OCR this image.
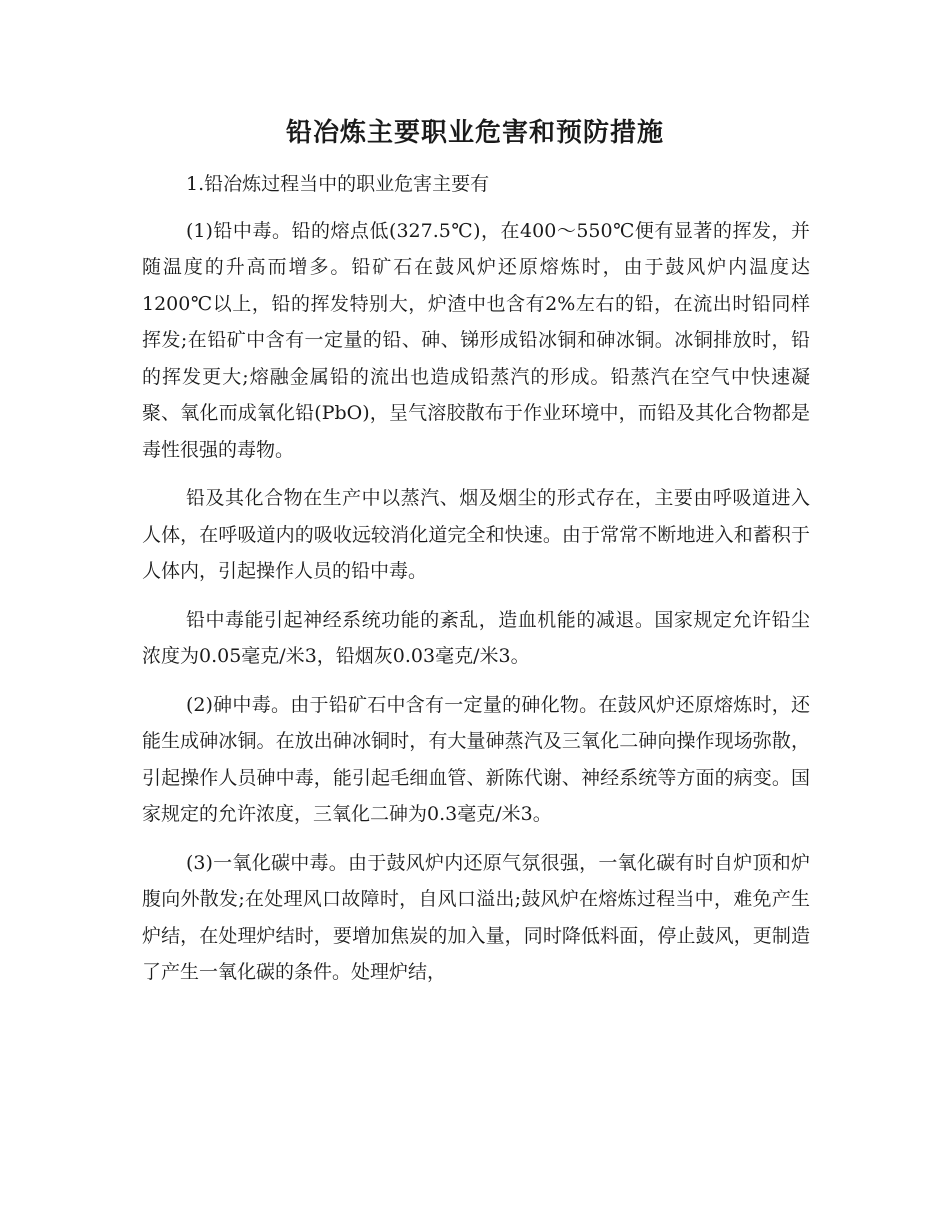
铅冶炼主要职业危害和预防措施

1.铅冶炼过程当中的职业危害主要有

(1)铅中毒。铅的熔点低(327.5℃)，在400～550℃便有显著的挥发，并随温度的升高而增多。铅矿石在鼓风炉还原熔炼时，由于鼓风炉内温度达1200℃以上，铅的挥发特别大，炉渣中也含有2%左右的铅，在流出时铅同样挥发;在铅矿中含有一定量的铅、砷、锑形成铅冰铜和砷冰铜。冰铜排放时，铅的挥发更大;熔融金属铅的流出也造成铅蒸汽的形成。铅蒸汽在空气中快速凝聚、氧化而成氧化铅(PbO)，呈气溶胶散布于作业环境中，而铅及其化合物都是毒性很强的毒物。

铅及其化合物在生产中以蒸汽、烟及烟尘的形式存在，主要由呼吸道进入人体，在呼吸道内的吸收远较消化道完全和快速。由于常常不断地进入和蓄积于人体内，引起操作人员的铅中毒。

铅中毒能引起神经系统功能的紊乱，造血机能的减退。国家规定允许铅尘浓度为0.05毫克/米3，铅烟灰0.03毫克/米3。

(2)砷中毒。由于铅矿石中含有一定量的砷化物。在鼓风炉还原熔炼时，还能生成砷冰铜。在放出砷冰铜时，有大量砷蒸汽及三氧化二砷向操作现场弥散，引起操作人员砷中毒，能引起毛细血管、新陈代谢、神经系统等方面的病变。国家规定的允许浓度，三氧化二砷为0.3毫克/米3。

(3)一氧化碳中毒。由于鼓风炉内还原气氛很强，一氧化碳有时自炉顶和炉腹向外散发;在处理风口故障时，自风口溢出;鼓风炉在熔炼过程当中，难免产生炉结，在处理炉结时，要增加焦炭的加入量，同时降低料面，停止鼓风，更制造了产生一氧化碳的条件。处理炉结，
